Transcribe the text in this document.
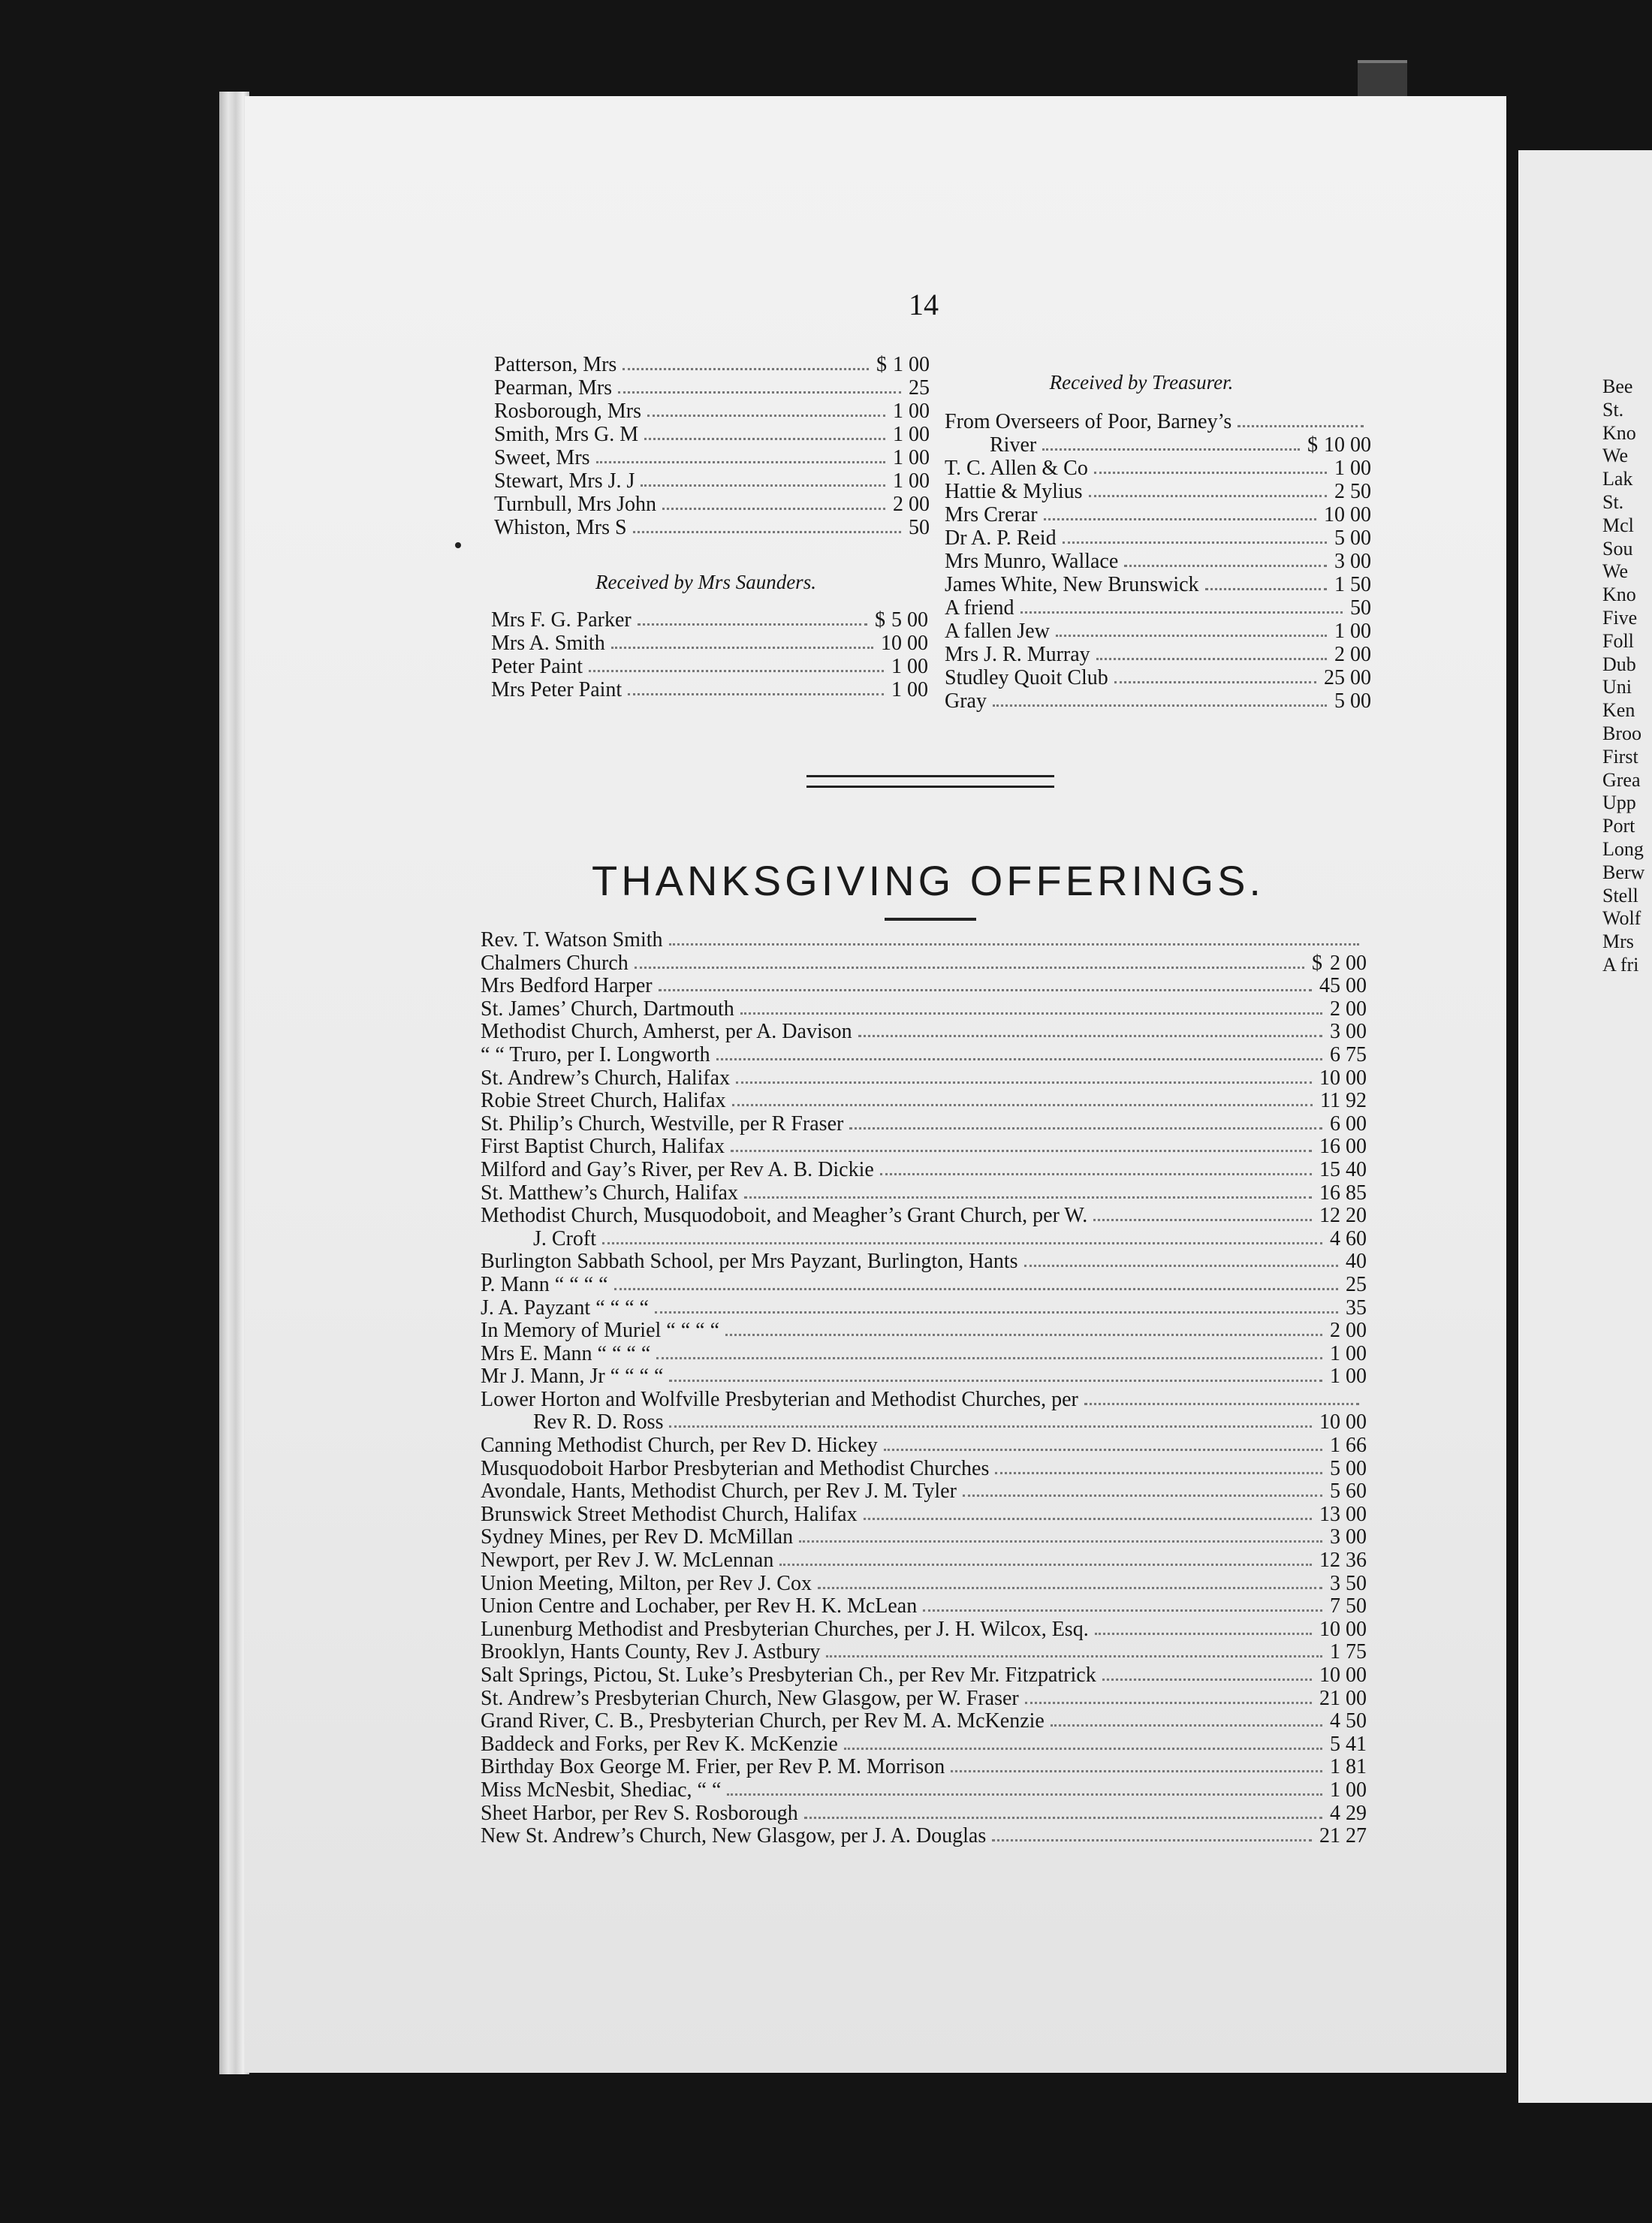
Bee
St.
Kno
We
Lak
St.
Mcl
Sou
We
Kno
Five
Foll
Dub
Uni
Ken
Broo
First
Grea
Upp
Port
Long
Berw
Stell
Wolf
Mrs
A fri
14
Patterson, Mrs	$ 1 00
Pearman, Mrs	25
Rosborough, Mrs	1 00
Smith, Mrs G. M	1 00
Sweet, Mrs	1 00
Stewart, Mrs J. J	1 00
Turnbull, Mrs John	2 00
Whiston, Mrs S	50
Received by Mrs Saunders.
Mrs F. G. Parker	$ 5 00
Mrs A. Smith	10 00
Peter Paint	1 00
Mrs Peter Paint	1 00
Received by Treasurer.
From Overseers of Poor, Barney’s
River	$ 10 00
T. C. Allen & Co	1 00
Hattie & Mylius	2 50
Mrs Crerar	10 00
Dr A. P. Reid	5 00
Mrs Munro, Wallace	3 00
James White, New Brunswick	1 50
A friend	50
A fallen Jew	1 00
Mrs J. R. Murray	2 00
Studley Quoit Club	25 00
Gray	5 00
THANKSGIVING OFFERINGS.
Rev. T. Watson Smith
Chalmers Church	$ 2 00
Mrs Bedford Harper	45 00
St. James’ Church, Dartmouth	2 00
Methodist Church, Amherst, per A. Davison	3 00
“ “ Truro, per I. Longworth	6 75
St. Andrew’s Church, Halifax	10 00
Robie Street Church, Halifax	11 92
St. Philip’s Church, Westville, per R Fraser	6 00
First Baptist Church, Halifax	16 00
Milford and Gay’s River, per Rev A. B. Dickie	15 40
St. Matthew’s Church, Halifax	16 85
Methodist Church, Musquodoboit, and Meagher’s Grant Church, per W.	12 20
J. Croft	4 60
Burlington Sabbath School, per Mrs Payzant, Burlington, Hants	40
P. Mann “ “ “ “	25
J. A. Payzant “ “ “ “	35
In Memory of Muriel “ “ “ “	2 00
Mrs E. Mann “ “ “ “	1 00
Mr J. Mann, Jr “ “ “ “	1 00
Lower Horton and Wolfville Presbyterian and Methodist Churches, per
Rev R. D. Ross	10 00
Canning Methodist Church, per Rev D. Hickey	1 66
Musquodoboit Harbor Presbyterian and Methodist Churches	5 00
Avondale, Hants, Methodist Church, per Rev J. M. Tyler	5 60
Brunswick Street Methodist Church, Halifax	13 00
Sydney Mines, per Rev D. McMillan	3 00
Newport, per Rev J. W. McLennan	12 36
Union Meeting, Milton, per Rev J. Cox	3 50
Union Centre and Lochaber, per Rev H. K. McLean	7 50
Lunenburg Methodist and Presbyterian Churches, per J. H. Wilcox, Esq.	10 00
Brooklyn, Hants County, Rev J. Astbury	1 75
Salt Springs, Pictou, St. Luke’s Presbyterian Ch., per Rev Mr. Fitzpatrick	10 00
St. Andrew’s Presbyterian Church, New Glasgow, per W. Fraser	21 00
Grand River, C. B., Presbyterian Church, per Rev M. A. McKenzie	4 50
Baddeck and Forks, per Rev K. McKenzie	5 41
Birthday Box George M. Frier, per Rev P. M. Morrison	1 81
Miss McNesbit, Shediac, “ “	1 00
Sheet Harbor, per Rev S. Rosborough	4 29
New St. Andrew’s Church, New Glasgow, per J. A. Douglas	21 27
